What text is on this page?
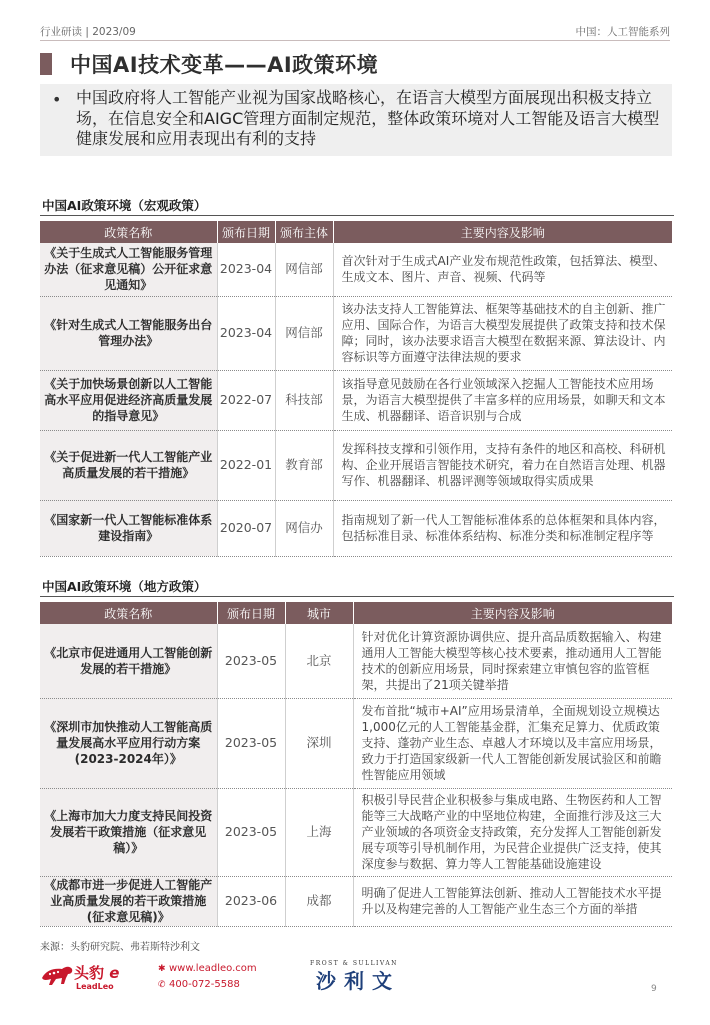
行业研读 | 2023/09	中国：人工智能系列
中国AI技术变革——AI政策环境
• 中国政府将人工智能产业视为国家战略核心，在语言大模型方面展现出积极支持立场，在信息安全和AIGC管理方面制定规范，整体政策环境对人工智能及语言大模型健康发展和应用表现出有利的支持
中国AI政策环境（宏观政策）
政策名称	颁布日期	颁布主体	主要内容及影响
《关于生成式人工智能服务管理办法（征求意见稿）公开征求意见通知》	2023-04	网信部	首次针对于生成式AI产业发布规范性政策，包括算法、模型、生成文本、图片、声音、视频、代码等
《针对生成式人工智能服务出台管理办法》	2023-04	网信部	该办法支持人工智能算法、框架等基础技术的自主创新、推广应用、国际合作，为语言大模型发展提供了政策支持和技术保障；同时，该办法要求语言大模型在数据来源、算法设计、内容标识等方面遵守法律法规的要求
《关于加快场景创新以人工智能高水平应用促进经济高质量发展的指导意见》	2022-07	科技部	该指导意见鼓励在各行业领域深入挖掘人工智能技术应用场景，为语言大模型提供了丰富多样的应用场景，如聊天和文本生成、机器翻译、语音识别与合成
《关于促进新一代人工智能产业高质量发展的若干措施》	2022-01	教育部	发挥科技支撑和引领作用，支持有条件的地区和高校、科研机构、企业开展语言智能技术研究，着力在自然语言处理、机器写作、机器翻译、机器评测等领域取得实质成果
《国家新一代人工智能标准体系建设指南》	2020-07	网信办	指南规划了新一代人工智能标准体系的总体框架和具体内容，包括标准目录、标准体系结构、标准分类和标准制定程序等
中国AI政策环境（地方政策）
政策名称	颁布日期	城市	主要内容及影响
《北京市促进通用人工智能创新发展的若干措施》	2023-05	北京	针对优化计算资源协调供应、提升高品质数据输入、构建通用人工智能大模型等核心技术要素，推动通用人工智能技术的创新应用场景，同时探索建立审慎包容的监管框架，共提出了21项关键举措
《深圳市加快推动人工智能高质量发展高水平应用行动方案(2023-2024年）》	2023-05	深圳	发布首批“城市+AI”应用场景清单，全面规划设立规模达1,000亿元的人工智能基金群，汇集充足算力、优质政策支持、蓬勃产业生态、卓越人才环境以及丰富应用场景，致力于打造国家级新一代人工智能创新发展试验区和前瞻性智能应用领域
《上海市加大力度支持民间投资发展若干政策措施（征求意见稿）》	2023-05	上海	积极引导民营企业积极参与集成电路、生物医药和人工智能等三大战略产业的中坚地位构建，全面推行涉及这三大产业领域的各项资金支持政策，充分发挥人工智能创新发展专项等引导机制作用，为民营企业提供广泛支持，使其深度参与数据、算力等人工智能基础设施建设
《成都市进一步促进人工智能产业高质量发展的若干政策措施(征求意见稿)》	2023-06	成都	明确了促进人工智能算法创新、推动人工智能技术水平提升以及构建完善的人工智能产业生态三个方面的举措
来源：头豹研究院、弗若斯特沙利文
头豹 e
LeadLeo
✱ www.leadleo.com
✆ 400-072-5588
FROST & SULLIVAN
沙利文	9
